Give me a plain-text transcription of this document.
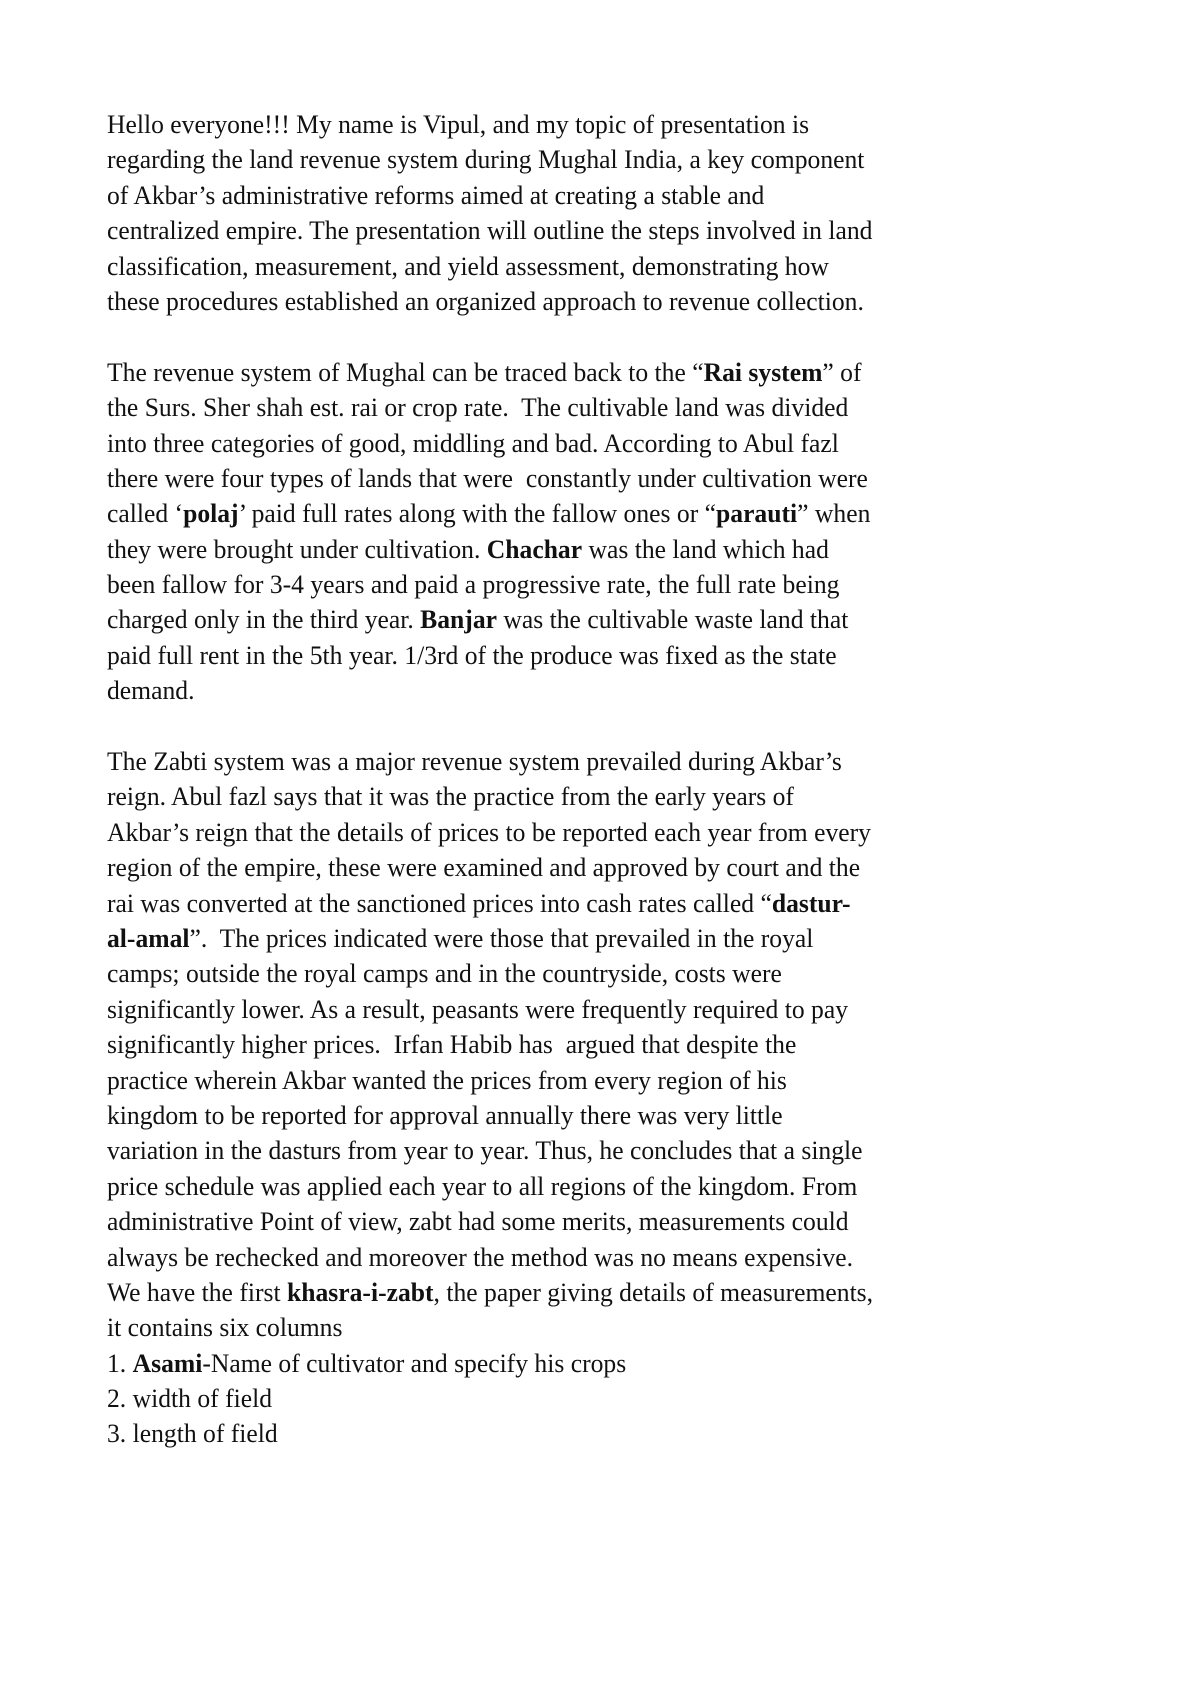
Hello everyone!!! My name is Vipul, and my topic of presentation is
regarding the land revenue system during Mughal India, a key component
of Akbar’s administrative reforms aimed at creating a stable and
centralized empire. The presentation will outline the steps involved in land
classification, measurement, and yield assessment, demonstrating how
these procedures established an organized approach to revenue collection.
The revenue system of Mughal can be traced back to the “Rai system” of
the Surs. Sher shah est. rai or crop rate.  The cultivable land was divided
into three categories of good, middling and bad. According to Abul fazl
there were four types of lands that were  constantly under cultivation were
called ‘polaj’ paid full rates along with the fallow ones or “parauti” when
they were brought under cultivation. Chachar was the land which had
been fallow for 3-4 years and paid a progressive rate, the full rate being
charged only in the third year. Banjar was the cultivable waste land that
paid full rent in the 5th year. 1/3rd of the produce was fixed as the state
demand.
The Zabti system was a major revenue system prevailed during Akbar’s
reign. Abul fazl says that it was the practice from the early years of
Akbar’s reign that the details of prices to be reported each year from every
region of the empire, these were examined and approved by court and the
rai was converted at the sanctioned prices into cash rates called “dastur-
al-amal”.  The prices indicated were those that prevailed in the royal
camps; outside the royal camps and in the countryside, costs were
significantly lower. As a result, peasants were frequently required to pay
significantly higher prices.  Irfan Habib has  argued that despite the
practice wherein Akbar wanted the prices from every region of his
kingdom to be reported for approval annually there was very little
variation in the dasturs from year to year. Thus, he concludes that a single
price schedule was applied each year to all regions of the kingdom. From
administrative Point of view, zabt had some merits, measurements could
always be rechecked and moreover the method was no means expensive.
We have the first khasra-i-zabt, the paper giving details of measurements,
it contains six columns
1. Asami-Name of cultivator and specify his crops
2. width of field
3. length of field
